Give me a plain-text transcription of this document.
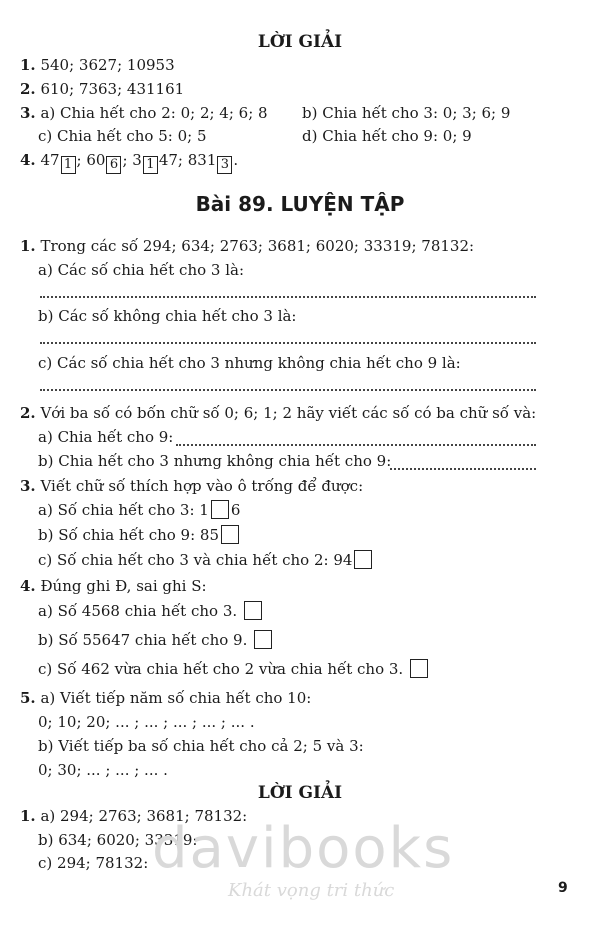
LỜI GIẢI
1. 540; 3627; 10953
2. 610; 7363; 431161
3. a) Chia hết cho 2: 0; 2; 4; 6; 8 b) Chia hết cho 3: 0; 3; 6; 9
c) Chia hết cho 5: 0; 5	d) Chia hết cho 9: 0; 9
4. 47 1 ; 60 6 ; 3 1 47; 831 3 .
Bài 89. LUYỆN TẬP
1. Trong các số 294; 634; 2763; 3681; 6020; 33319; 78132:
a) Các số chia hết cho 3 là:
b) Các số không chia hết cho 3 là:
c) Các số chia hết cho 3 nhưng không chia hết cho 9 là:
2. Với ba số có bốn chữ số 0; 6; 1; 2 hãy viết các số có ba chữ số và:
a) Chia hết cho 9:
b) Chia hết cho 3 nhưng không chia hết cho 9:
3. Viết chữ số thích hợp vào ô trống để được:
a) Số chia hết cho 3: 1 6
b) Số chia hết cho 9: 85
c) Số chia hết cho 3 và chia hết cho 2: 94
4. Đúng ghi Đ, sai ghi S:
a) Số 4568 chia hết cho 3.
b) Số 55647 chia hết cho 9.
c) Số 462 vừa chia hết cho 2 vừa chia hết cho 3.
5. a) Viết tiếp năm số chia hết cho 10:
0; 10; 20; ... ; ... ; ... ; ... ; ... .
b) Viết tiếp ba số chia hết cho cả 2; 5 và 3:
0; 30; ... ; ... ; ... .
LỜI GIẢI
1. a) 294; 2763; 3681; 78132:
b) 634; 6020; 33319:
c) 294; 78132: davibooks
Khát vọng tri thức	9
